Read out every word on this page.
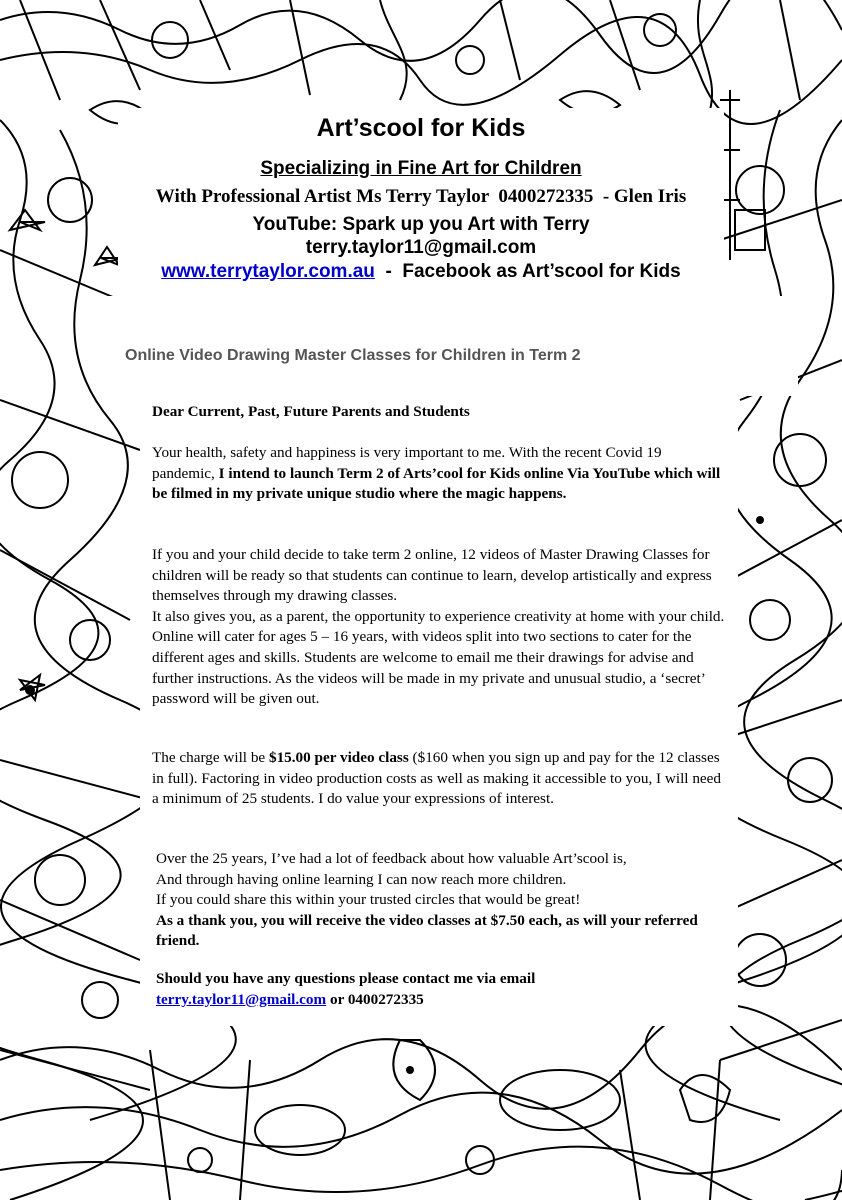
Art’scool for Kids
Specializing in Fine Art for Children
With Professional Artist Ms Terry Taylor  0400272335  - Glen Iris
YouTube: Spark up you Art with Terry
terry.taylor11@gmail.com
www.terrytaylor.com.au  -  Facebook as Art’scool for Kids
Online Video Drawing Master Classes for Children in Term 2

Dear Current, Past, Future Parents and Students

Your health, safety and happiness is very important to me. With the recent Covid 19 pandemic, I intend to launch Term 2 of Arts’cool for Kids online Via YouTube which will be filmed in my private unique studio where the magic happens.

If you and your child decide to take term 2 online, 12 videos of Master Drawing Classes for children will be ready so that students can continue to learn, develop artistically and express themselves through my drawing classes.

It also gives you, as a parent, the opportunity to experience creativity at home with your child. Online will cater for ages 5 – 16 years, with videos split into two sections to cater for the different ages and skills. Students are welcome to email me their drawings for advise and further instructions. As the videos will be made in my private and unusual studio, a ‘secret’ password will be given out.

The charge will be $15.00 per video class ($160 when you sign up and pay for the 12 classes in full). Factoring in video production costs as well as making it accessible to you, I will need a minimum of 25 students. I do value your expressions of interest.

Over the 25 years, I’ve had a lot of feedback about how valuable Art’scool is,

And through having online learning I can now reach more children.

If you could share this within your trusted circles that would be great!

As a thank you, you will receive the video classes at $7.50 each, as will your referred friend.

Should you have any questions please contact me via email

terry.taylor11@gmail.com or 0400272335
